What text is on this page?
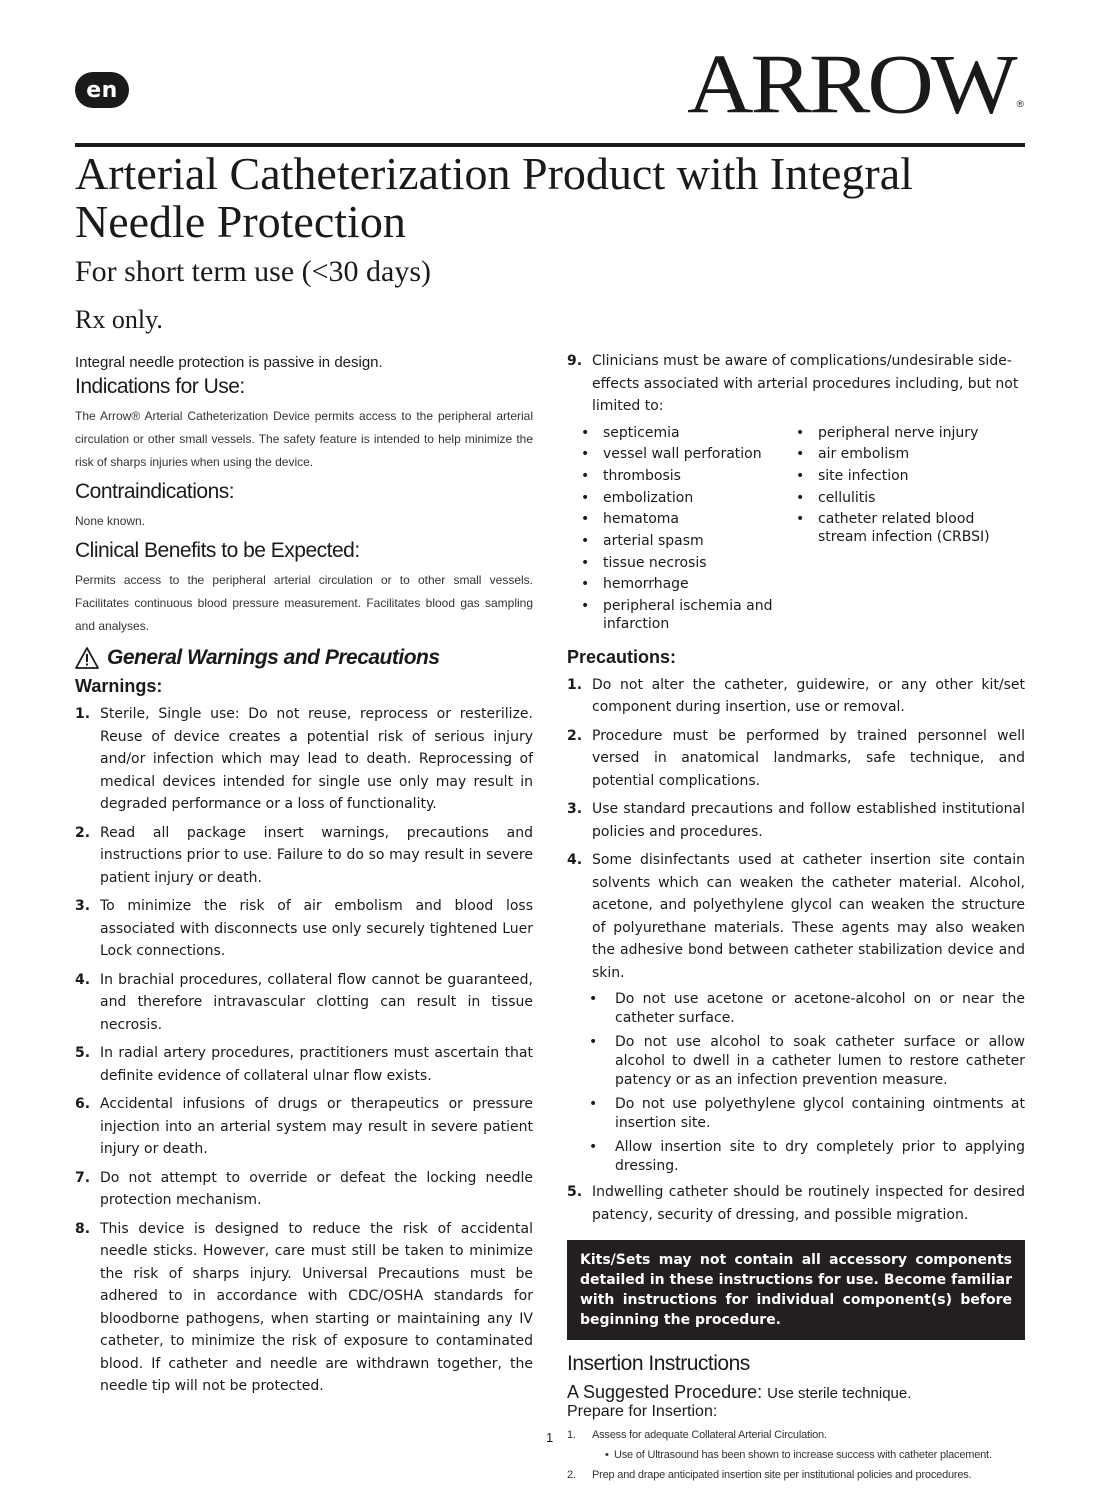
en	ARROW ®
Arterial Catheterization Product with Integral Needle Protection
For short term use (<30 days)
Rx only.

Integral needle protection is passive in design.

Indications for Use:

The Arrow® Arterial Catheterization Device permits access to the peripheral arterial circulation or other small vessels. The safety feature is intended to help minimize the risk of sharps injuries when using the device.

Contraindications:

None known.

Clinical Benefits to be Expected:

Permits access to the peripheral arterial circulation or to other small vessels. Facilitates continuous blood pressure measurement. Facilitates blood gas sampling and analyses.

General Warnings and Precautions
Warnings:
1. Sterile, Single use: Do not reuse, reprocess or resterilize. Reuse of device creates a potential risk of serious injury and/or infection which may lead to death. Reprocessing of medical devices intended for single use only may result in degraded performance or a loss of functionality.
2. Read all package insert warnings, precautions and instructions prior to use. Failure to do so may result in severe patient injury or death.
3. To minimize the risk of air embolism and blood loss associated with disconnects use only securely tightened Luer Lock connections.
4. In brachial procedures, collateral flow cannot be guaranteed, and therefore intravascular clotting can result in tissue necrosis.
5. In radial artery procedures, practitioners must ascertain that definite evidence of collateral ulnar flow exists.
6. Accidental infusions of drugs or therapeutics or pressure injection into an arterial system may result in severe patient injury or death.
7. Do not attempt to override or defeat the locking needle protection mechanism.
8. This device is designed to reduce the risk of accidental needle sticks. However, care must still be taken to minimize the risk of sharps injury. Universal Precautions must be adhered to in accordance with CDC/OSHA standards for bloodborne pathogens, when starting or maintaining any IV catheter, to minimize the risk of exposure to contaminated blood. If catheter and needle are withdrawn together, the needle tip will not be protected.
9. Clinicians must be aware of complications/undesirable side-effects associated with arterial procedures including, but not limited to:
• septicemia
• vessel wall perforation
• thrombosis
• embolization
• hematoma
• arterial spasm
• tissue necrosis
• hemorrhage
• peripheral ischemia and infarction
• peripheral nerve injury
• air embolism
• site infection
• cellulitis
• catheter related blood stream infection (CRBSI)
Precautions:
1. Do not alter the catheter, guidewire, or any other kit/set component during insertion, use or removal.
2. Procedure must be performed by trained personnel well versed in anatomical landmarks, safe technique, and potential complications.
3. Use standard precautions and follow established institutional policies and procedures.
4. Some disinfectants used at catheter insertion site contain solvents which can weaken the catheter material. Alcohol, acetone, and polyethylene glycol can weaken the structure of polyurethane materials. These agents may also weaken the adhesive bond between catheter stabilization device and skin.
•	Do not use acetone or acetone-alcohol on or near the catheter surface.
•	Do not use alcohol to soak catheter surface or allow alcohol to dwell in a catheter lumen to restore catheter patency or as an infection prevention measure.
•	Do not use polyethylene glycol containing ointments at insertion site.
•	Allow insertion site to dry completely prior to applying dressing.
5. Indwelling catheter should be routinely inspected for desired patency, security of dressing, and possible migration.
Kits/Sets may not contain all accessory components detailed in these instructions for use. Become familiar with instructions for individual component(s) before beginning the procedure.
Insertion Instructions
A Suggested Procedure: Use sterile technique.
Prepare for Insertion:
1.	Assess for adequate Collateral Arterial Circulation.
• Use of Ultrasound has been shown to increase success with catheter placement.
2.	Prep and drape anticipated insertion site per institutional policies and procedures.
1
